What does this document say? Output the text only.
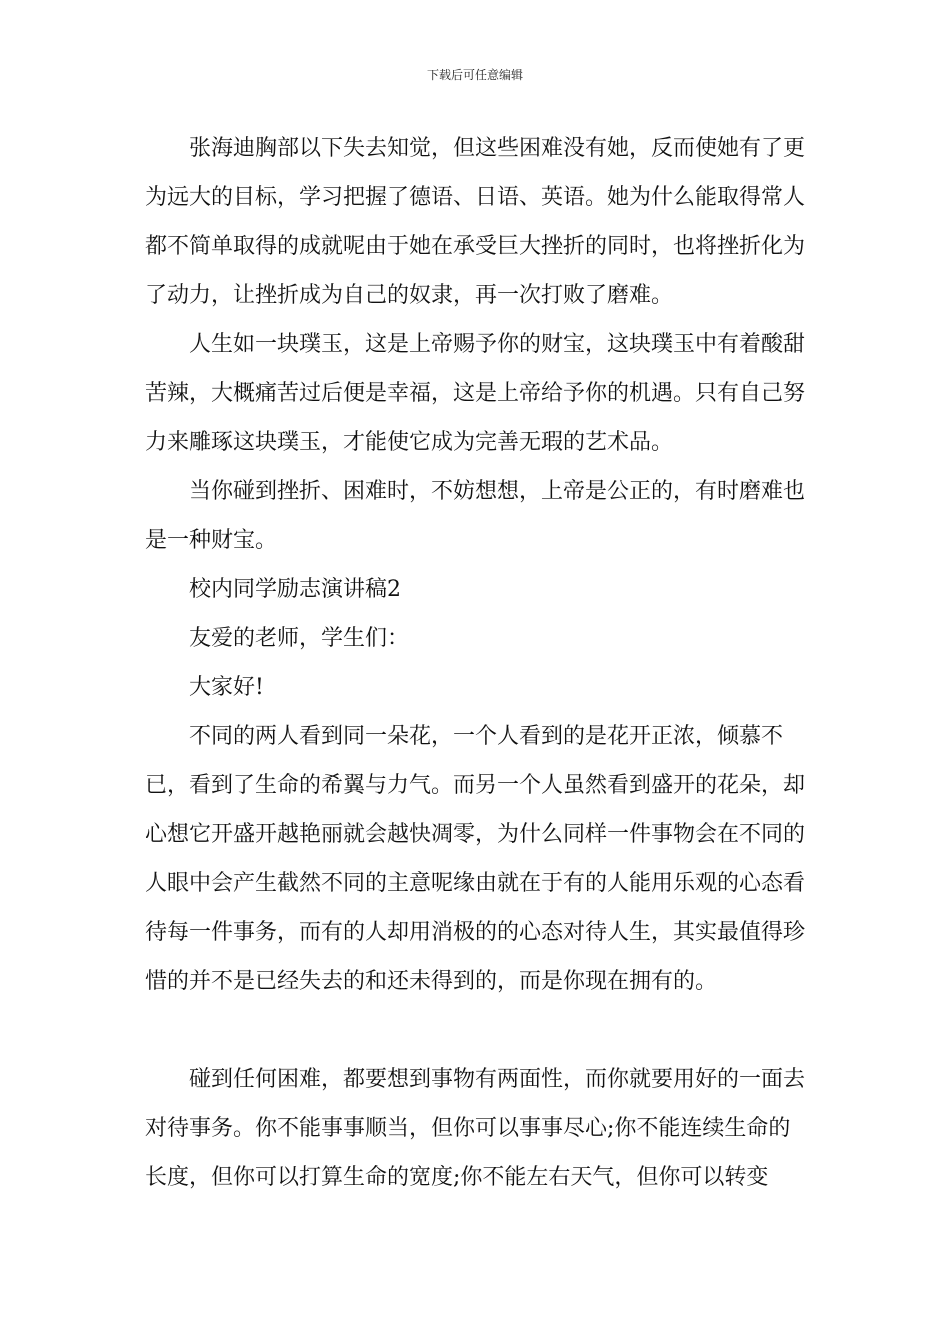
下载后可任意编辑

张海迪胸部以下失去知觉，但这些困难没有她，反而使她有了更为远大的目标，学习把握了德语、日语、英语。她为什么能取得常人都不简单取得的成就呢由于她在承受巨大挫折的同时，也将挫折化为了动力，让挫折成为自己的奴隶，再一次打败了磨难。

人生如一块璞玉，这是上帝赐予你的财宝，这块璞玉中有着酸甜苦辣，大概痛苦过后便是幸福，这是上帝给予你的机遇。只有自己努力来雕琢这块璞玉，才能使它成为完善无瑕的艺术品。

当你碰到挫折、困难时，不妨想想，上帝是公正的，有时磨难也是一种财宝。

校内同学励志演讲稿2

友爱的老师，学生们：

大家好!

不同的两人看到同一朵花，一个人看到的是花开正浓，倾慕不已，看到了生命的希翼与力气。而另一个人虽然看到盛开的花朵，却心想它开盛开越艳丽就会越快凋零，为什么同样一件事物会在不同的人眼中会产生截然不同的主意呢缘由就在于有的人能用乐观的心态看待每一件事务，而有的人却用消极的的心态对待人生，其实最值得珍惜的并不是已经失去的和还未得到的，而是你现在拥有的。

碰到任何困难，都要想到事物有两面性，而你就要用好的一面去对待事务。你不能事事顺当，但你可以事事尽心;你不能连续生命的长度，但你可以打算生命的宽度;你不能左右天气，但你可以转变
